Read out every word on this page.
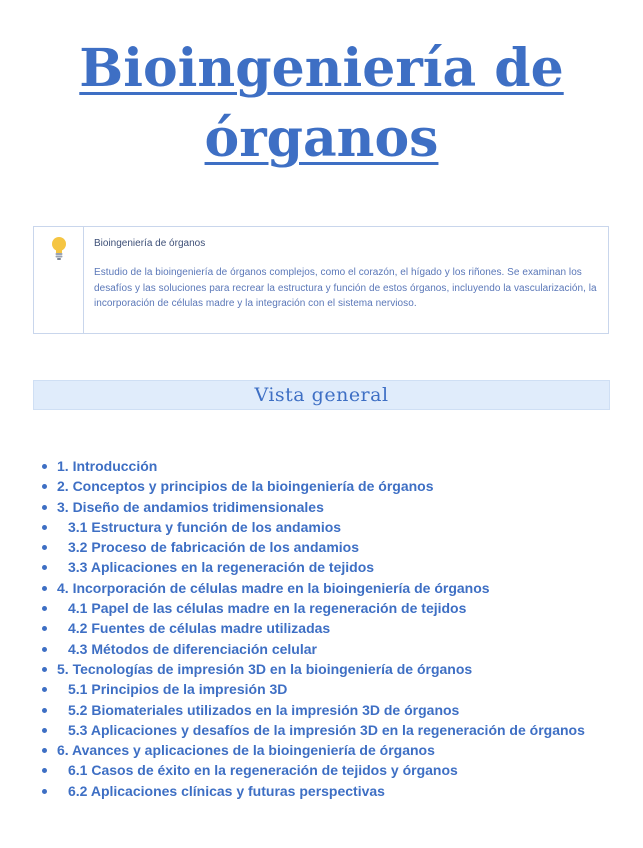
Bioingeniería de
órganos

Bioingeniería de órganos

Estudio de la bioingeniería de órganos complejos, como el corazón, el hígado y los riñones. Se examinan los desafíos y las soluciones para recrear la estructura y función de estos órganos, incluyendo la vascularización, la incorporación de células madre y la integración con el sistema nervioso.

Vista general
1. Introducción
2. Conceptos y principios de la bioingeniería de órganos
3. Diseño de andamios tridimensionales
3.1 Estructura y función de los andamios
3.2 Proceso de fabricación de los andamios
3.3 Aplicaciones en la regeneración de tejidos
4. Incorporación de células madre en la bioingeniería de órganos
4.1 Papel de las células madre en la regeneración de tejidos
4.2 Fuentes de células madre utilizadas
4.3 Métodos de diferenciación celular
5. Tecnologías de impresión 3D en la bioingeniería de órganos
5.1 Principios de la impresión 3D
5.2 Biomateriales utilizados en la impresión 3D de órganos
5.3 Aplicaciones y desafíos de la impresión 3D en la regeneración de órganos
6. Avances y aplicaciones de la bioingeniería de órganos
6.1 Casos de éxito en la regeneración de tejidos y órganos
6.2 Aplicaciones clínicas y futuras perspectivas
